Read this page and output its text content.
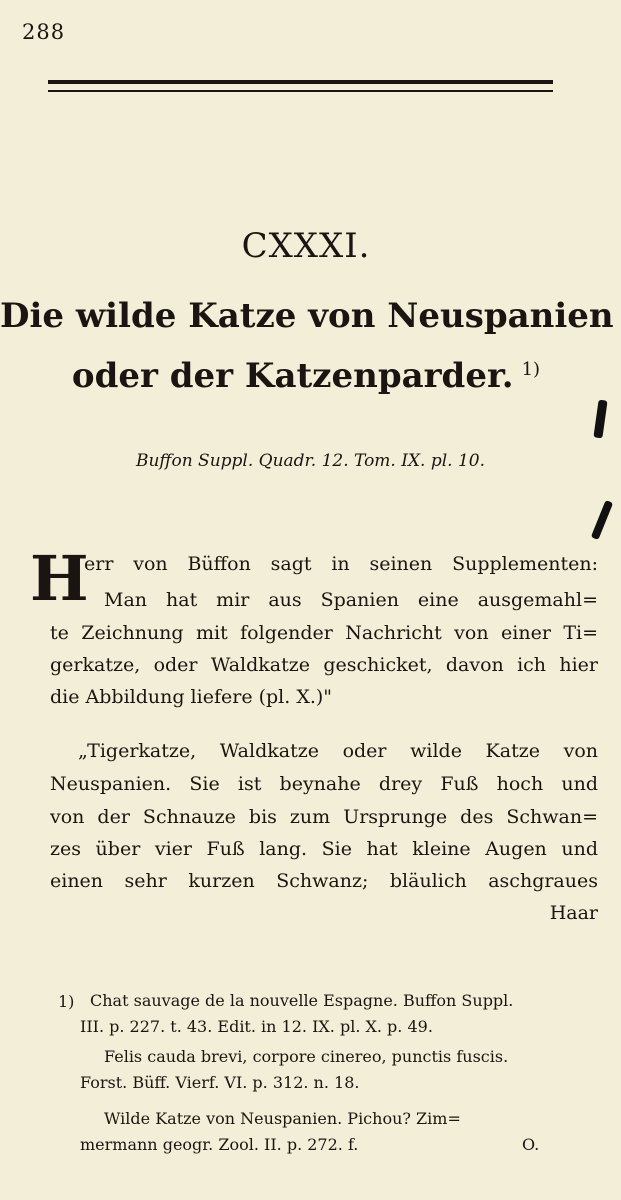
288
CXXXI.
Die wilde Katze von Neuspanien
oder der Katzenparder. $^{1)}$
Buffon Suppl. Quadr. 12. Tom. IX. pl. 10.
H
err von Büffon sagt in seinen Supplementen:
Man hat mir aus Spanien eine ausgemahl=
te Zeichnung mit folgender Nachricht von einer Ti=
gerkatze, oder Waldkatze geschicket, davon ich hier
die Abbildung liefere (pl. X.)"
„Tigerkatze, Waldkatze oder wilde Katze von
Neuspanien. Sie ist beynahe drey Fuß hoch und
von der Schnauze bis zum Ursprunge des Schwan=
zes über vier Fuß lang. Sie hat kleine Augen und
einen sehr kurzen Schwanz; bläulich aschgraues
Haar
1) Chat sauvage de la nouvelle Espagne. Buffon Suppl.
III. p. 227. t. 43. Edit. in 12. IX. pl. X. p. 49.
Felis cauda brevi, corpore cinereo, punctis fuscis.
Forst. Büff. Vierf. VI. p. 312. n. 18.
Wilde Katze von Neuspanien. Pichou? Zim=
mermann geogr. Zool. II. p. 272. f.	O.
